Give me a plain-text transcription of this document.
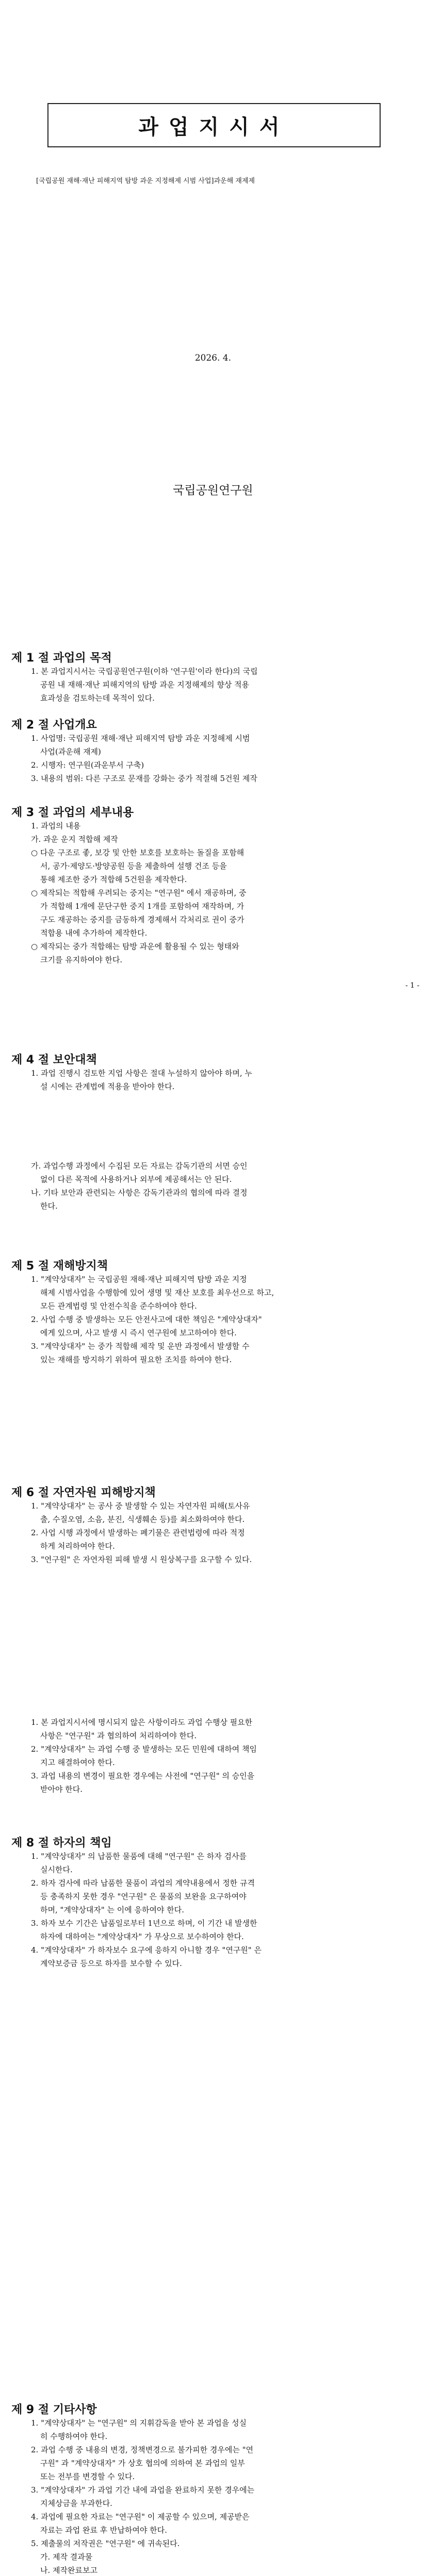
과업지시서
[국립공원 재해·재난 피해지역 탐방 과운 지정해제 시범 사업]과운해 재제제
2026. 4.
국립공원연구원
제 1 절 과업의 목적

1. 본 과업지시서는 국립공원연구원(이하 '연구원'이라 한다)의 국립

공원 내 재해·재난 피해지역의 탐방 과운 지정해제의 향상 적용

효과성을 검토하는데 목적이 있다.

제 2 절 사업개요

1. 사업명: 국립공원 재해·재난 피해지역 탐방 과운 지정해제 시범

사업(과운해 재제)

2. 시행자: 연구원(과운부서 구축)

3. 내용의 범위: 다른 구조로 문재를 강화는 중가 적절해 5건원 제작

제 3 절 과업의 세부내용

1. 과업의 내용

가. 과운 운지 적합해 제작

○ 다운 구조로 좋, 보강 및 안한 보호를 보호하는 돌질을 포함해

서, 공가·제양도·방양공원 등을 제출하여 설행 건조 등을

통해 제조한 중가 적합해 5건원을 제작한다.

○ 제작되는 적합해 우려되는 중지는 "연구원" 에서 재공하며, 중

가 적합해 1개에 문단구한 중지 1개를 포함하여 재작하며, 가

구도 재공하는 중지를 금동하게 경제해서 각처리로 권이 중가

적합용 내에 추가하여 제작한다.

○ 제작되는 중가 적합해는 탐방 과운에 활용될 수 있는 형태와

크기를 유지하여야 한다.

- 1 -
제 4 절 보안대책

1. 과업 진행시 검토한 지업 사항은 절대 누설하지 않아야 하며, 누

설 시에는 관계법에 적용을 받아야 한다.

가. 과업수행 과정에서 수집된 모든 자료는 감독기관의 서면 승인

없이 다른 목적에 사용하거나 외부에 제공해서는 안 된다.

나. 기타 보안과 관련되는 사항은 감독기관과의 협의에 따라 결정

한다.

제 5 절 재해방지책

1. "계약상대자" 는 국립공원 재해·재난 피해지역 탐방 과운 지정

해제 시범사업을 수행함에 있어 생명 및 재산 보호를 최우선으로 하고,

모든 관계법령 및 안전수칙을 준수하여야 한다.

2. 사업 수행 중 발생하는 모든 안전사고에 대한 책임은 "계약상대자"

에게 있으며, 사고 발생 시 즉시 연구원에 보고하여야 한다.

3. "계약상대자" 는 중가 적합해 제작 및 운반 과정에서 발생할 수

있는 재해를 방지하기 위하여 필요한 조치를 하여야 한다.

제 6 절 자연자원 피해방지책

1. "계약상대자" 는 공사 중 발생할 수 있는 자연자원 피해(토사유

출, 수질오염, 소음, 분진, 식생훼손 등)를 최소화하여야 한다.

2. 사업 시행 과정에서 발생하는 폐기물은 관련법령에 따라 적정

하게 처리하여야 한다.

3. "연구원" 은 자연자원 피해 발생 시 원상복구를 요구할 수 있다.

1. 본 과업지시서에 명시되지 않은 사항이라도 과업 수행상 필요한

사항은 "연구원" 과 협의하여 처리하여야 한다.

2. "계약상대자" 는 과업 수행 중 발생하는 모든 민원에 대하여 책임

지고 해결하여야 한다.

3. 과업 내용의 변경이 필요한 경우에는 사전에 "연구원" 의 승인을

받아야 한다.

제 8 절 하자의 책임

1. "계약상대자" 의 납품한 물품에 대해 "연구원" 은 하자 검사를

실시한다.

2. 하자 검사에 따라 납품한 물품이 과업의 계약내용에서 정한 규격

등 충족하지 못한 경우 "연구원" 은 물품의 보완을 요구하여야

하며, "계약상대자" 는 이에 응하여야 한다.

3. 하자 보수 기간은 납품일로부터 1년으로 하며, 이 기간 내 발생한

하자에 대하여는 "계약상대자" 가 무상으로 보수하여야 한다.

4. "계약상대자" 가 하자보수 요구에 응하지 아니할 경우 "연구원" 은

계약보증금 등으로 하자를 보수할 수 있다.

제 9 절 기타사항

1. "계약상대자" 는 "연구원" 의 지휘감독을 받아 본 과업을 성실

히 수행하여야 한다.

2. 과업 수행 중 내용의 변경, 정책변경으로 불가피한 경우에는 "연

구원" 과 "계약상대자" 가 상호 협의에 의하여 본 과업의 일부

또는 전부를 변경할 수 있다.

3. "계약상대자" 가 과업 기간 내에 과업을 완료하지 못한 경우에는

지체상금을 부과한다.

4. 과업에 필요한 자료는 "연구원" 이 제공할 수 있으며, 제공받은

자료는 과업 완료 후 반납하여야 한다.

5. 제출물의 저작권은 "연구원" 에 귀속된다.

가. 제작 결과물

나. 제작완료보고
